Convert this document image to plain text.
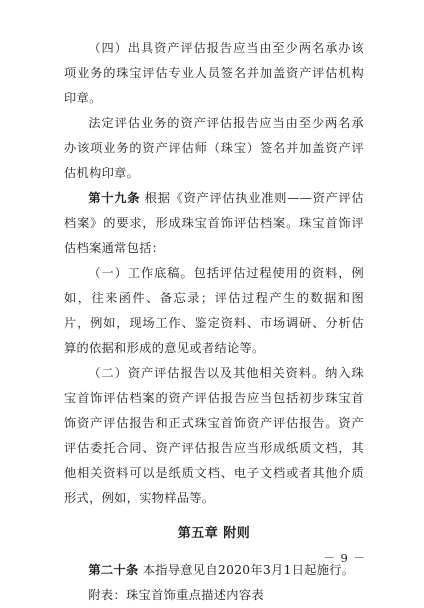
（四）出具资产评估报告应当由至少两名承办该项业务的珠宝评估专业人员签名并加盖资产评估机构印章。

法定评估业务的资产评估报告应当由至少两名承办该项业务的资产评估师（珠宝）签名并加盖资产评估机构印章。

第十九条 根据《资产评估执业准则——资产评估档案》的要求，形成珠宝首饰评估档案。珠宝首饰评估档案通常包括：

（一）工作底稿。包括评估过程使用的资料，例如，往来函件、备忘录；评估过程产生的数据和图片，例如，现场工作、鉴定资料、市场调研、分析估算的依据和形成的意见或者结论等。

（二）资产评估报告以及其他相关资料。纳入珠宝首饰评估档案的资产评估报告应当包括初步珠宝首饰资产评估报告和正式珠宝首饰资产评估报告。资产评估委托合同、资产评估报告应当形成纸质文档，其他相关资料可以是纸质文档、电子文档或者其他介质形式，例如，实物样品等。

第五章 附则

第二十条 本指导意见自2020年3月1日起施行。

附表：珠宝首饰重点描述内容表

－ 9 －
